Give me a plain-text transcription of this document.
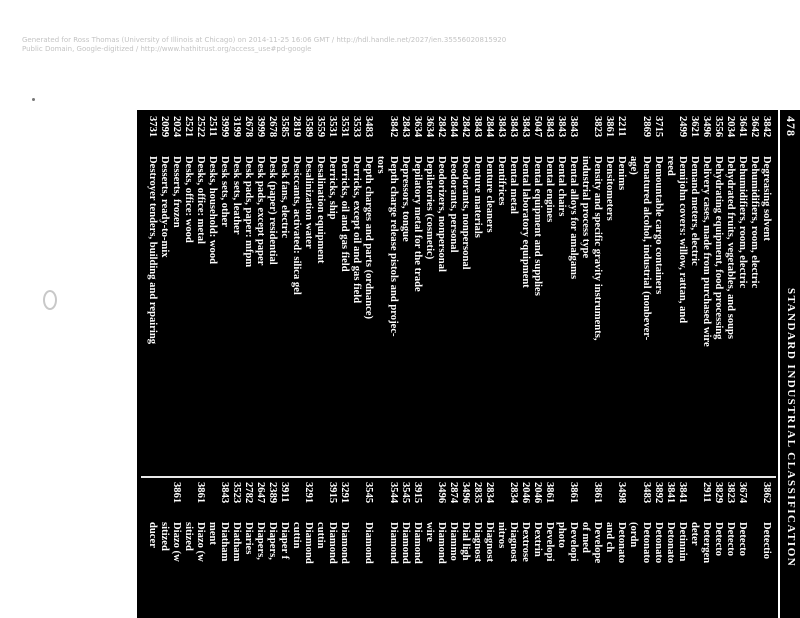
Generated for Ross Thomas (University of Illinois at Chicago) on 2014-11-25 16:06 GMT / http://hdl.handle.net/2027/ien.35556020815920
Public Domain, Google-digitized / http://www.hathitrust.org/access_use#pd-google
478
STANDARD INDUSTRIAL CLASSIFICATION
3842
Degreasing solvent
3642
Dehumidifiers, room, electric
3641
Dehumidifiers, room, electric
2034
Dehydrated fruits, vegetables, and soups
3556
Dehydrating equipment, food processing
3496
Delivery cases, made from purchased wire
3621
Demand meters, electric
2499
Demijohn covers: willow, rattan, and
reed
3715
Demountable cargo containers
2869
Denatured alcohol, industrial (nonbever-
age)
2211
Denims
3861
Densitometers
3823
Density and specific gravity instruments,
industrial process type
3843
Dental alloys for amalgams
3843
Dental chairs
3843
Dental engines
5047
Dental equipment and supplies
3843
Dental laboratory equipment
3843
Dental metal
3843
Dentifrices
2844
Denture cleaners
3843
Denture materials
2842
Deodorants, nonpersonal
2844
Deodorants, personal
2842
Deodorizers, nonpersonal
3634
Depilatories (cosmetic)
3634
Depilatory metal for the trade
2843
Depressors, tongue
3842
Depth charge release pistols and projec-
tors
3483
Depth charges and parts (ordnance)
3533
Derricks, except oil and gas field
3531
Derricks, oil and gas field
3531
Derricks, ship
3559
Desalination equipment
3589
Desalinization water
2819
Desiccants, activated: silica gel
3585
Desk fans, electric
2678
Desk (paper) residential
3999
Desk pads, except paper
2678
Desk pads, paper: mfpm
3199
Desk sets, leather
3999
Desk sets, other
2511
Desks, household: wood
2522
Desks, office: metal
2521
Desks, office: wood
2024
Desserts, frozen
2099
Desserts, ready-to-mix
3731
Destroyer tenders, building and repairing
3862
Detectio
3674
Detecto
3823
Detecto
3829
Detecto
2911
Detergen
deter
3841
Detinnin
3841
Detonato
3892
Detonato
3483
Detonato
(ordn
3498
Detonato
and ch
3861
Develope
of med
3861
Developi
photo
3861
Developi
2046
Dextrin
2046
Dextrose
2834
Diagnost
nitros
2834
Diagnost
2835
Diagnost
3496
Dial ligh
2874
Diammo
3496
Diamond
wire
3915
Diamond
3545
Diamond
3544
Diamond
3545
Diamond
3291
Diamond
3915
Diamond
cuttin
3291
Diamond
cuttin
3911
Diaper f
2389
Diapers,
2647
Diapers,
2782
Diaries
3523
Diatham
3843
Diatham
ment
3861
Diazo (w
sitized
3861
Diazo (w
sitized
ducer
